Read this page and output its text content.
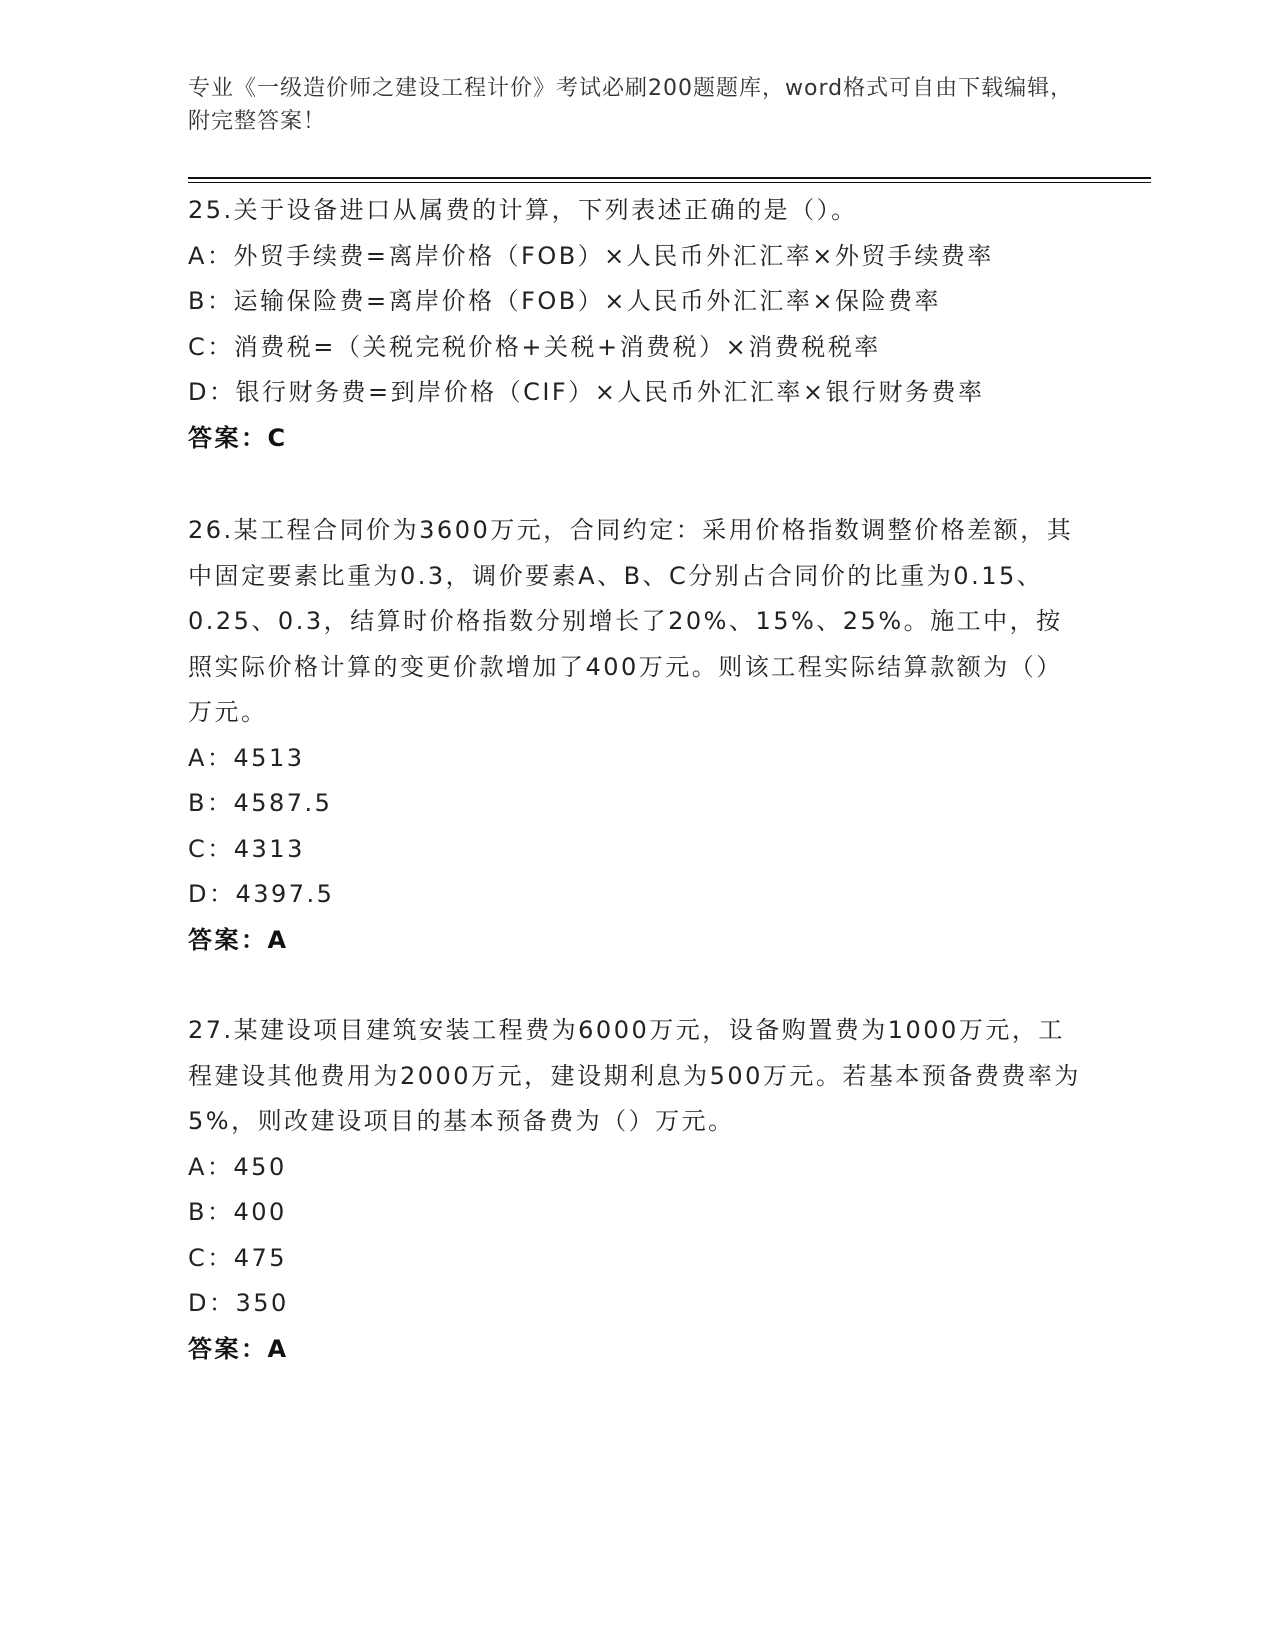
专业《一级造价师之建设工程计价》考试必刷200题题库，word格式可自由下载编辑，附完整答案！

25.关于设备进口从属费的计算，下列表述正确的是（）。

A：外贸手续费=离岸价格（FOB）×人民币外汇汇率×外贸手续费率

B：运输保险费=离岸价格（FOB）×人民币外汇汇率×保险费率

C：消费税=（关税完税价格+关税+消费税）×消费税税率

D：银行财务费=到岸价格（CIF）×人民币外汇汇率×银行财务费率

答案：C

26.某工程合同价为3600万元，合同约定：采用价格指数调整价格差额，其中固定要素比重为0.3，调价要素A、B、C分别占合同价的比重为0.15、0.25、0.3，结算时价格指数分别增长了20%、15%、25%。施工中，按照实际价格计算的变更价款增加了400万元。则该工程实际结算款额为（）万元。

A：4513

B：4587.5

C：4313

D：4397.5

答案：A

27.某建设项目建筑安装工程费为6000万元，设备购置费为1000万元，工程建设其他费用为2000万元，建设期利息为500万元。若基本预备费费率为5%，则改建设项目的基本预备费为（）万元。

A：450

B：400

C：475

D：350

答案：A
